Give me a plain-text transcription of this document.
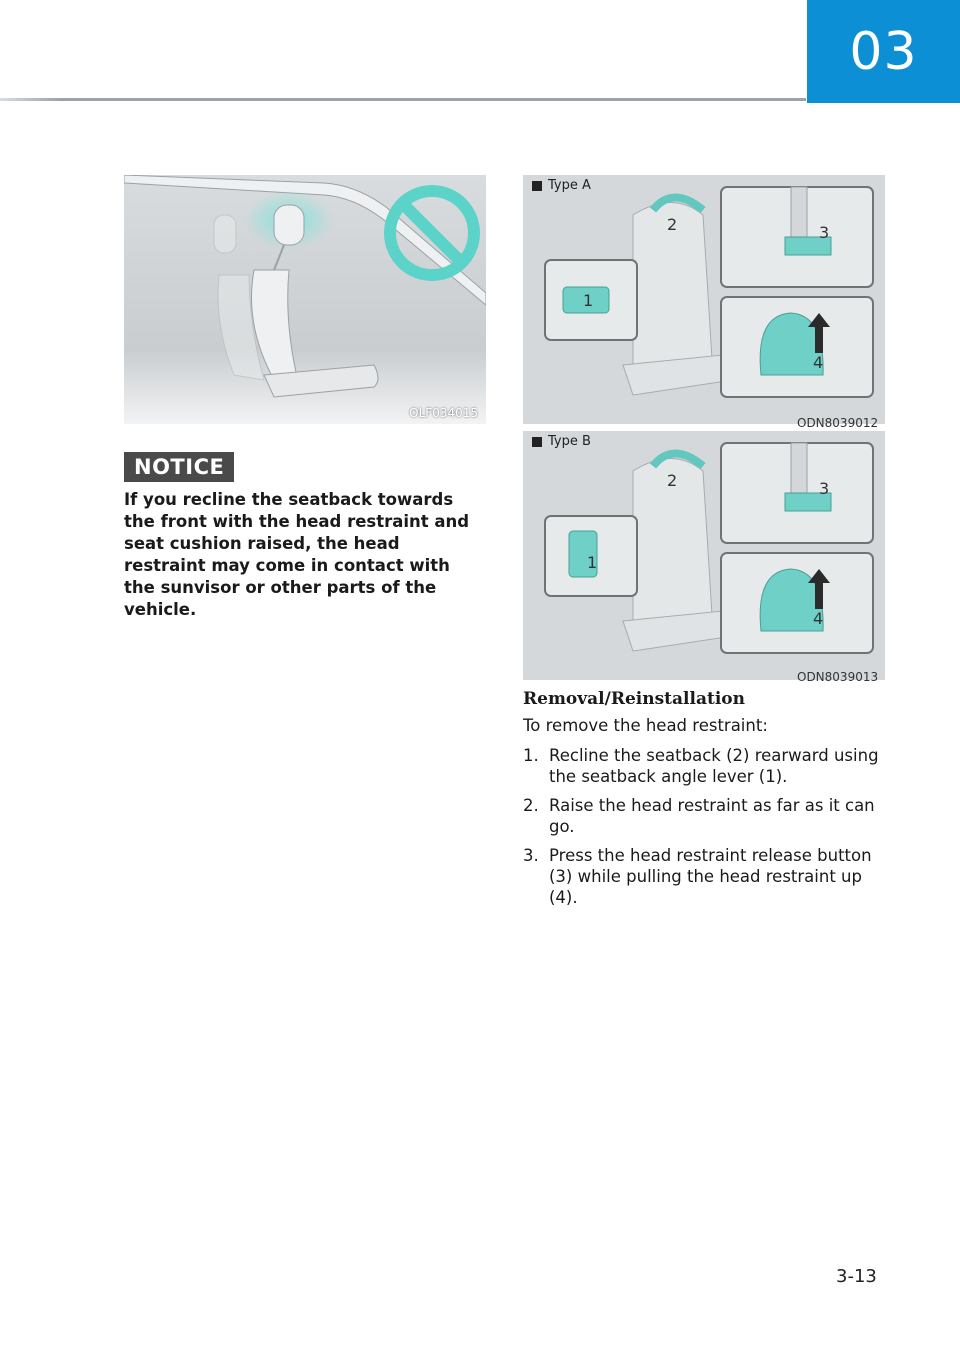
03
OLF034015
NOTICE
If you recline the seatback towards the front with the head restraint and seat cushion raised, the head restraint may come in contact with the sunvisor or other parts of the vehicle.
Type A
1
2	3
4
ODN8039012
Type B
1
2	3
4
ODN8039013
Removal/Reinstallation
To remove the head restraint:
1. Recline the seatback (2) rearward using the seatback angle lever (1).
2. Raise the head restraint as far as it can go.
3. Press the head restraint release button (3) while pulling the head restraint up (4).
3-13
